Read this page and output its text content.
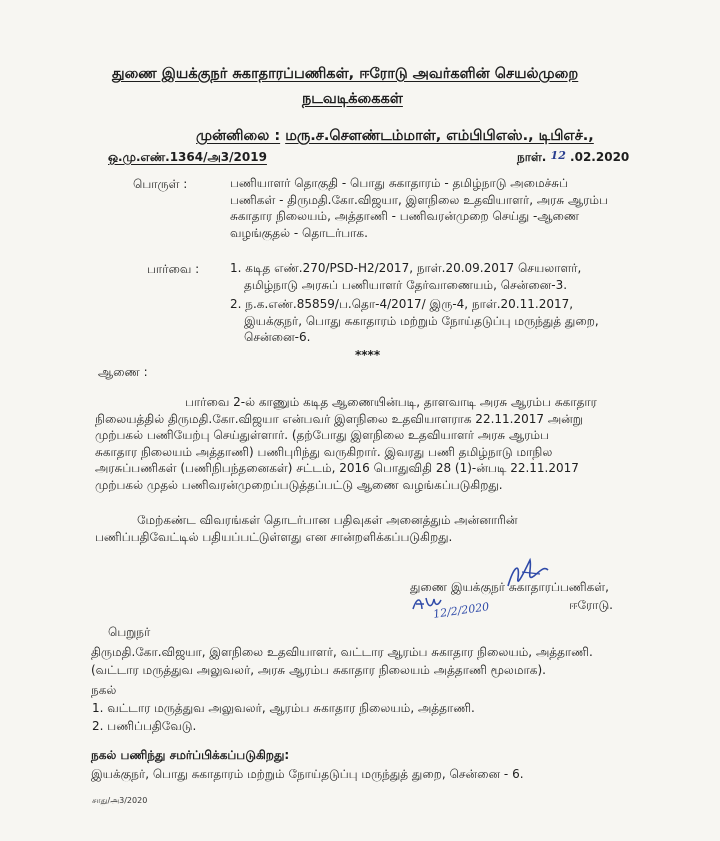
துணை இயக்குநர் சுகாதாரப்பணிகள், ஈரோடு அவர்களின் செயல்முறை
நடவடிக்கைகள்
முன்னிலை : மரு.ச.சௌண்டம்மாள், எம்பிபிஎஸ்., டிபிஎச்.,
ஒ.மு.எண்.1364/அ3/2019	நாள். 12 .02.2020
பொருள் :	பணியாளர் தொகுதி - பொது சுகாதாரம் - தமிழ்நாடு அமைச்சுப்
பணிகள் - திருமதி.கோ.விஜயா, இளநிலை உதவியாளர், அரசு ஆரம்ப
சுகாதார நிலையம், அத்தாணி - பணிவரன்முறை செய்து -ஆணை
வழங்குதல் - தொடர்பாக.
பார்வை :	1. கடித எண்.270/PSD-H2/2017, நாள்.20.09.2017 செயலாளர்,
தமிழ்நாடு அரசுப் பணியாளர் தேர்வாணையம், சென்னை-3.
2. ந.க.எண்.85859/ப.தொ-4/2017/ இரு-4, நாள்.20.11.2017,
இயக்குநர், பொது சுகாதாரம் மற்றும் நோய்தடுப்பு மருந்துத் துறை,
சென்னை-6.
****
ஆணை :
பார்வை 2-ல் காணும் கடித ஆணையின்படி, தாளவாடி அரசு ஆரம்ப சுகாதார
நிலையத்தில் திருமதி.கோ.விஜயா என்பவர் இளநிலை உதவியாளராக 22.11.2017 அன்று
முற்பகல் பணியேற்பு செய்துள்ளார். (தற்போது இளநிலை உதவியாளர் அரசு ஆரம்ப
சுகாதார நிலையம் அத்தாணி) பணிபுரிந்து வருகிறார். இவரது பணி தமிழ்நாடு மாநில
அரசுப்பணிகள் (பணிநிபந்தனைகள்) சட்டம், 2016 பொதுவிதி 28 (1)-ன்படி 22.11.2017
முற்பகல் முதல் பணிவரன்முறைப்படுத்தப்பட்டு ஆணை வழங்கப்படுகிறது.
மேற்கண்ட விவரங்கள் தொடர்பான பதிவுகள் அனைத்தும் அன்னாரின்
பணிப்பதிவேட்டில் பதியப்பட்டுள்ளது என சான்றளிக்கப்படுகிறது.
துணை இயக்குநர் சுகாதாரப்பணிகள்,
ஈரோடு.
12/2/2020
பெறுநர்
திருமதி.கோ.விஜயா, இளநிலை உதவியாளர், வட்டார ஆரம்ப சுகாதார நிலையம், அத்தாணி.
(வட்டார மருத்துவ அலுவலர், அரசு ஆரம்ப சுகாதார நிலையம் அத்தாணி மூலமாக).
நகல்
1. வட்டார மருத்துவ அலுவலர், ஆரம்ப சுகாதார நிலையம், அத்தாணி.
2. பணிப்பதிவேடு.
நகல் பணிந்து சமர்ப்பிக்கப்படுகிறது:
இயக்குநர், பொது சுகாதாரம் மற்றும் நோய்தடுப்பு மருந்துத் துறை, சென்னை - 6.
சாது/அ3/2020
